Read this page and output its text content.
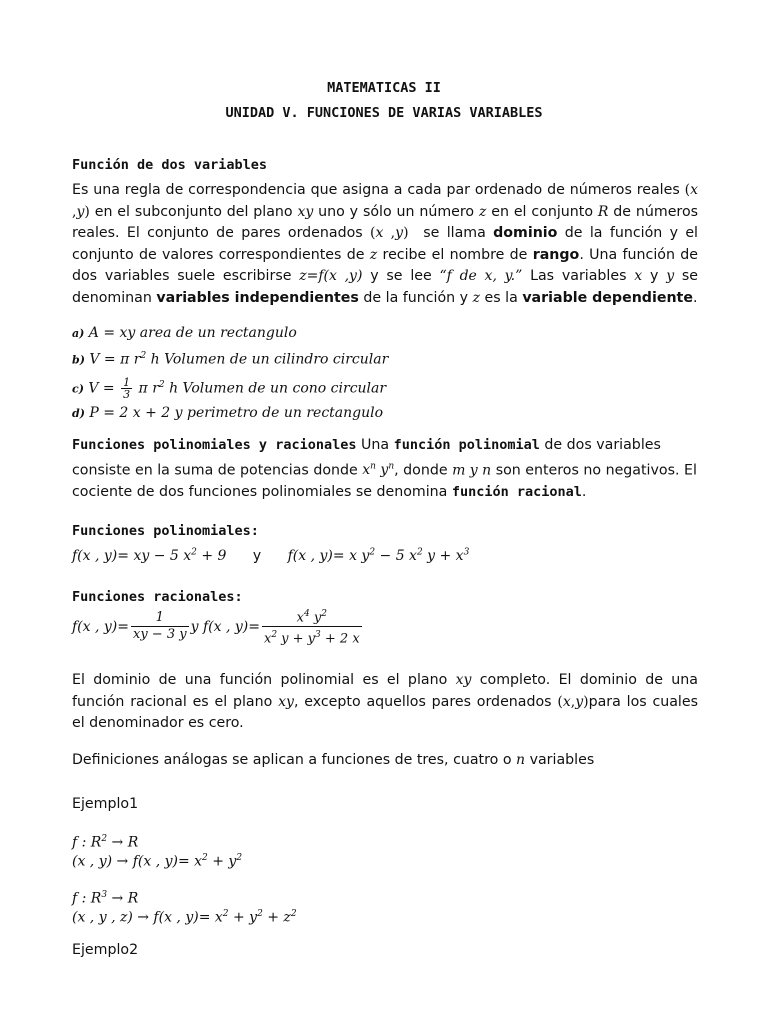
MATEMATICAS II
UNIDAD V. FUNCIONES DE VARIAS VARIABLES
Función de dos variables
Es una regla de correspondencia que asigna a cada par ordenado de números reales (x ,y) en el subconjunto del plano xy uno y sólo un número z en el conjunto R de números reales. El conjunto de pares ordenados (x ,y) se llama dominio de la función y el conjunto de valores correspondientes de z recibe el nombre de rango. Una función de dos variables suele escribirse z=f(x ,y) y se lee “f de x, y.” Las variables x y y se denominan variables independientes de la función y z es la variable dependiente.
a) A = xy area de un rectangulo
b) V = π $r^2$ h Volumen de un cilindro circular
c) $V = \frac{1}{3}$ π $r^2$ h Volumen de un cono circular
d) P = 2 x + 2 y perimetro de un rectangulo
Funciones polinomiales y racionales Una función polinomial de dos variables consiste en la suma de potencias donde $x^n$ $y^n$, donde m y n son enteros no negativos. El cociente de dos funciones polinomiales se denomina función racional.
Funciones polinomiales:
f(x , y)= xy − 5 $x^2 + 9$ y f(x , y)= x $y^2 - 5$ $x^2$ $y + x^3$
Funciones racionales:
f(x , $y)= \frac{1}{xy - 3 y}$ y f(x , $y)= \frac{x^4 y^2}{x^2 y + y^3 + 2 x}$
El dominio de una función polinomial es el plano xy completo. El dominio de una función racional es el plano xy, excepto aquellos pares ordenados (x,y)para los cuales el denominador es cero.
Definiciones análogas se aplican a funciones de tres, cuatro o n variables
Ejemplo1
f : $R^2 \to R$
(x , y) → f(x , $y)= x^2 + y^2$
f : $R^3 \to R$
(x , y , z) → f(x , $y)= x^2 + y^2 + z^2$
Ejemplo2
